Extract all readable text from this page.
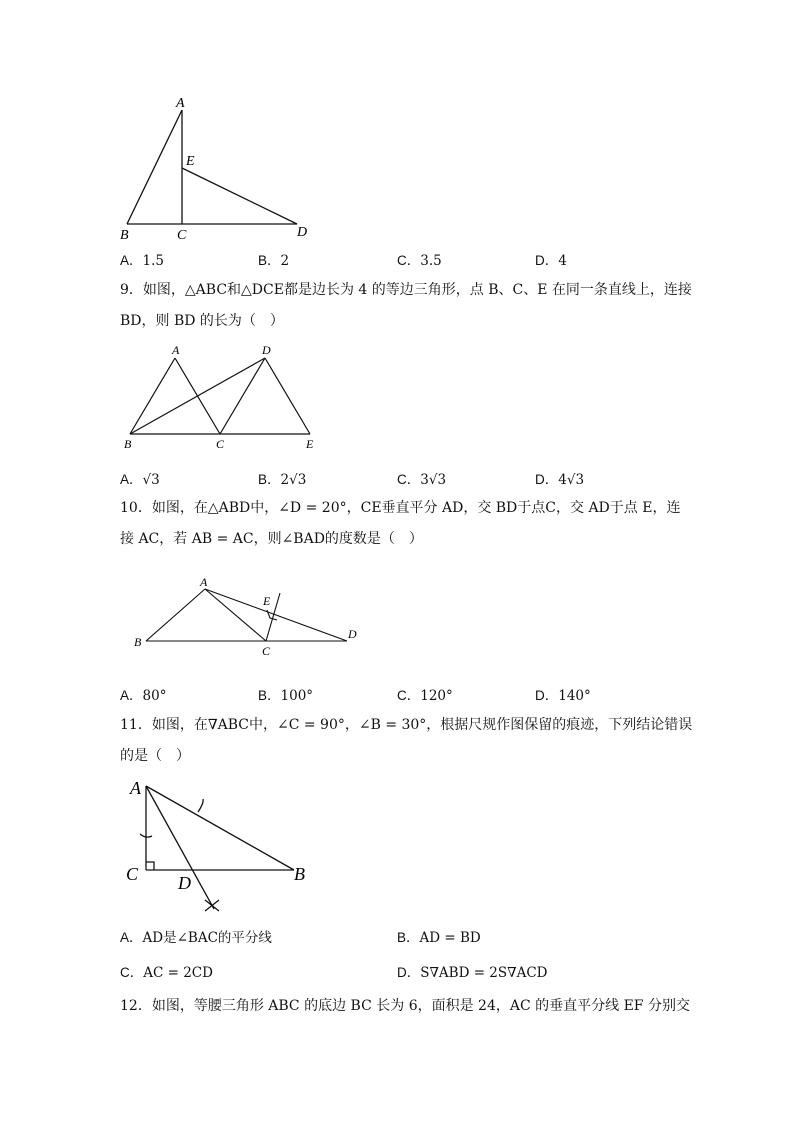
A
E
B	C	D
A．1.5	B．2	C．3.5	D．4
9．如图，△ABC和△DCE都是边长为 4 的等边三角形，点 B、C、E 在同一条直线上，连接
BD，则 BD 的长为（　）
A	D
B	C	E
A．√3	B．2√3	C．3√3	D．4√3
10．如图，在△ABD中，∠D = 20°，CE垂直平分 AD，交 BD于点C，交 AD于点 E，连
接 AC，若 AB = AC，则∠BAD的度数是（　）
A
E
B
C
D
A．80°	B．100°	C．120°	D．140°
11．如图，在∇ABC中，∠C = 90°，∠B = 30°，根据尺规作图保留的痕迹，下列结论错误
的是（　）
A
C D	B
A．AD是∠BAC的平分线	B．AD = BD
C．AC = 2CD	D．S∇ABD = 2S∇ACD
12．如图，等腰三角形 ABC 的底边 BC 长为 6，面积是 24，AC 的垂直平分线 EF 分别交
